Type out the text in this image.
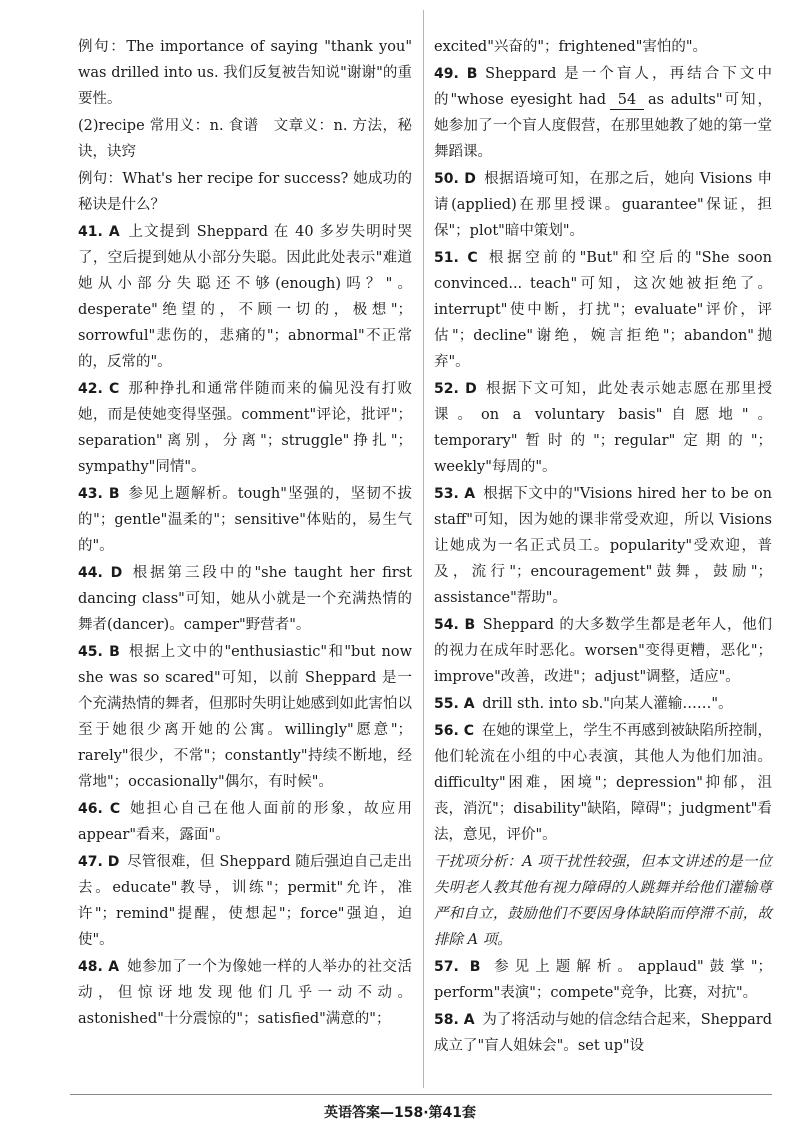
例句：The importance of saying "thank you" was drilled into us. 我们反复被告知说"谢谢"的重要性。

(2)recipe 常用义：n. 食谱　文章义：n. 方法，秘诀，诀窍

例句：What's her recipe for success? 她成功的秘诀是什么？

41. A 上文提到 Sheppard 在 40 多岁失明时哭了，空后提到她从小部分失聪。因此此处表示"难道她从小部分失聪还不够(enough)吗？"。desperate"绝望的，不顾一切的，极想"；sorrowful"悲伤的，悲痛的"；abnormal"不正常的，反常的"。

42. C 那种挣扎和通常伴随而来的偏见没有打败她，而是使她变得坚强。comment"评论，批评"；separation"离别，分离"；struggle"挣扎"；sympathy"同情"。

43. B 参见上题解析。tough"坚强的，坚韧不拔的"；gentle"温柔的"；sensitive"体贴的，易生气的"。

44. D 根据第三段中的"she taught her first dancing class"可知，她从小就是一个充满热情的舞者(dancer)。camper"野营者"。

45. B 根据上文中的"enthusiastic"和"but now she was so scared"可知，以前 Sheppard 是一个充满热情的舞者，但那时失明让她感到如此害怕以至于她很少离开她的公寓。willingly"愿意"；rarely"很少，不常"；constantly"持续不断地，经常地"；occasionally"偶尔，有时候"。

46. C 她担心自己在他人面前的形象，故应用 appear"看来，露面"。

47. D 尽管很难，但 Sheppard 随后强迫自己走出去。educate"教导，训练"；permit"允许，准许"；remind"提醒，使想起"；force"强迫，迫使"。

48. A 她参加了一个为像她一样的人举办的社交活动，但惊讶地发现他们几乎一动不动。astonished"十分震惊的"；satisfied"满意的"；

excited"兴奋的"；frightened"害怕的"。

49. B Sheppard 是一个盲人，再结合下文中的"whose eyesight had 54 as adults"可知，她参加了一个盲人度假营，在那里她教了她的第一堂舞蹈课。

50. D 根据语境可知，在那之后，她向 Visions 申请(applied)在那里授课。guarantee"保证，担保"；plot"暗中策划"。

51. C 根据空前的"But"和空后的"She soon convinced... teach"可知，这次她被拒绝了。interrupt"使中断，打扰"；evaluate"评价，评估"；decline"谢绝，婉言拒绝"；abandon"抛弃"。

52. D 根据下文可知，此处表示她志愿在那里授课。on a voluntary basis"自愿地"。temporary"暂时的"；regular"定期的"；weekly"每周的"。

53. A 根据下文中的"Visions hired her to be on staff"可知，因为她的课非常受欢迎，所以 Visions 让她成为一名正式员工。popularity"受欢迎，普及，流行"；encouragement"鼓舞，鼓励"；assistance"帮助"。

54. B Sheppard 的大多数学生都是老年人，他们的视力在成年时恶化。worsen"变得更糟，恶化"；improve"改善，改进"；adjust"调整，适应"。

55. A drill sth. into sb."向某人灌输……"。

56. C 在她的课堂上，学生不再感到被缺陷所控制，他们轮流在小组的中心表演，其他人为他们加油。difficulty"困难，困境"；depression"抑郁，沮丧，消沉"；disability"缺陷，障碍"；judgment"看法，意见，评价"。

干扰项分析：A 项干扰性较强，但本文讲述的是一位失明老人教其他有视力障碍的人跳舞并给他们灌输尊严和自立，鼓励他们不要因身体缺陷而停滞不前，故排除 A 项。

57. B 参见上题解析。applaud"鼓掌"；perform"表演"；compete"竞争，比赛，对抗"。

58. A 为了将活动与她的信念结合起来，Sheppard 成立了"盲人姐妹会"。set up"设

英语答案—158·第41套
